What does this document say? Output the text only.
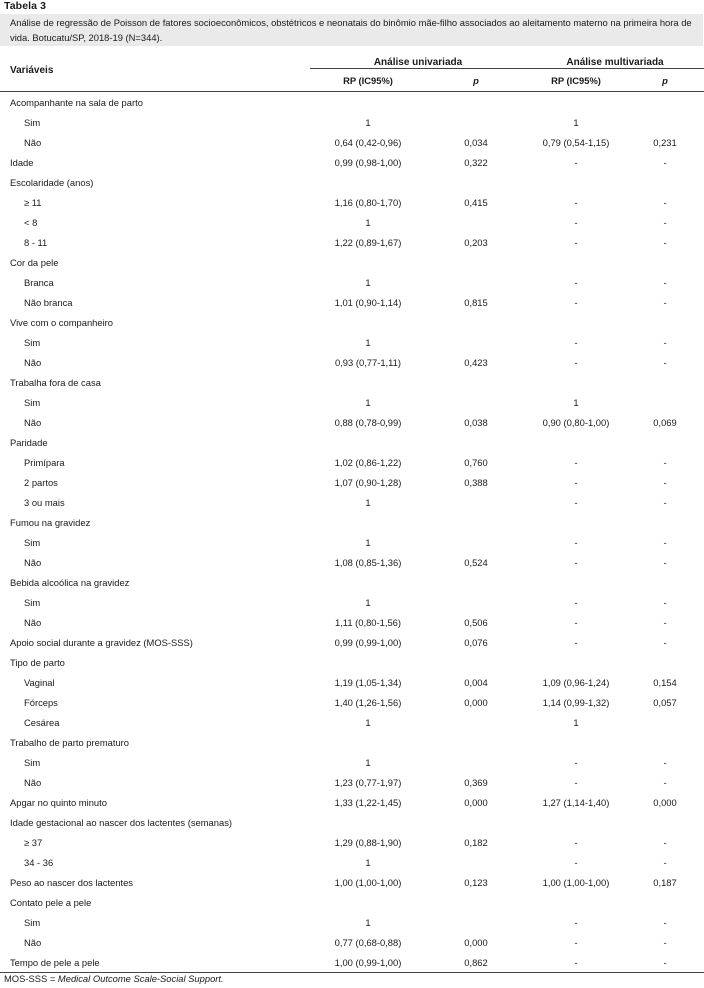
Tabela 3
Análise de regressão de Poisson de fatores socioeconômicos, obstétricos e neonatais do binômio mãe-filho associados ao aleitamento materno na primeira hora de vida. Botucatu/SP, 2018-19 (N=344).
Variáveis	Análise univariada		Análise multivariada	
	RP (IC95%)	p	RP (IC95%)	p

Acompanhante na sala de parto				
Sim	1		1	
Não	0,64 (0,42-0,96)	0,034	0,79 (0,54-1,15)	0,231
Idade	0,99 (0,98-1,00)	0,322	-	-
Escolaridade (anos)				
≥ 11	1,16 (0,80-1,70)	0,415	-	-
< 8	1		-	-
8 - 11	1,22 (0,89-1,67)	0,203	-	-
Cor da pele				
Branca	1		-	-
Não branca	1,01 (0,90-1,14)	0,815	-	-
Vive com o companheiro				
Sim	1		-	-
Não	0,93 (0,77-1,11)	0,423	-	-
Trabalha fora de casa				
Sim	1		1	
Não	0,88 (0,78-0,99)	0,038	0,90 (0,80-1,00)	0,069
Paridade				
Primípara	1,02 (0,86-1,22)	0,760	-	-
2 partos	1,07 (0,90-1,28)	0,388	-	-
3 ou mais	1		-	-
Fumou na gravidez				
Sim	1		-	-
Não	1,08 (0,85-1,36)	0,524	-	-
Bebida alcoólica na gravidez				
Sim	1		-	-
Não	1,11 (0,80-1,56)	0,506	-	-
Apoio social durante a gravidez (MOS-SSS)	0,99 (0,99-1,00)	0,076	-	-
Tipo de parto				
Vaginal	1,19 (1,05-1,34)	0,004	1,09 (0,96-1,24)	0,154
Fórceps	1,40 (1,26-1,56)	0,000	1,14 (0,99-1,32)	0,057
Cesárea	1		1	
Trabalho de parto prematuro				
Sim	1		-	-
Não	1,23 (0,77-1,97)	0,369	-	-
Apgar no quinto minuto	1,33 (1,22-1,45)	0,000	1,27 (1,14-1,40)	0,000
Idade gestacional ao nascer dos lactentes (semanas)				
≥ 37	1,29 (0,88-1,90)	0,182	-	-
34 - 36	1		-	-
Peso ao nascer dos lactentes	1,00 (1,00-1,00)	0,123	1,00 (1,00-1,00)	0,187
Contato pele a pele				
Sim	1		-	-
Não	0,77 (0,68-0,88)	0,000	-	-
Tempo de pele a pele	1,00 (0,99-1,00)	0,862	-	-
MOS-SSS = Medical Outcome Scale-Social Support.
